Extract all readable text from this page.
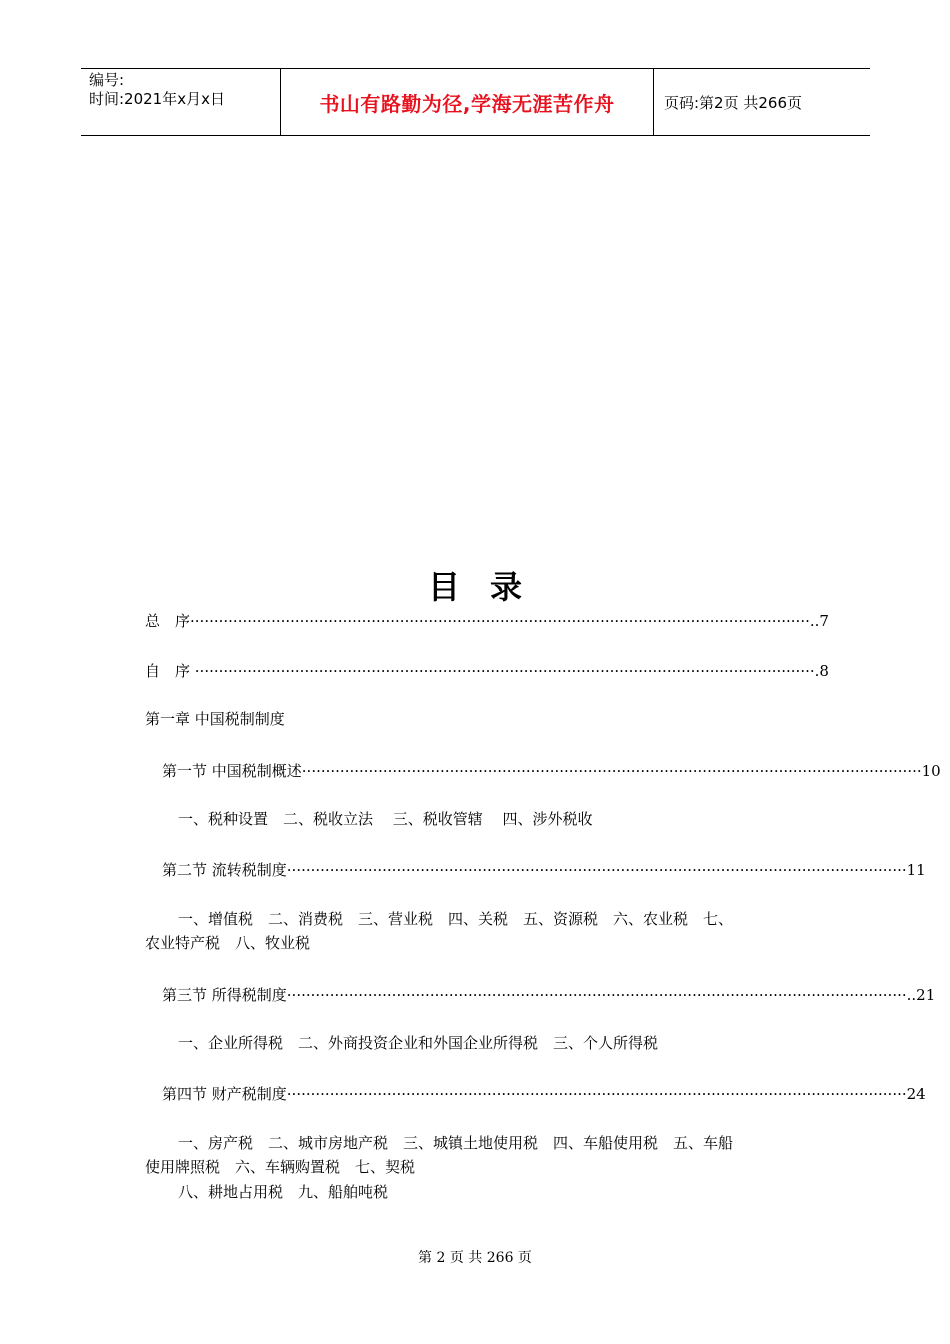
编号:
时间:2021年x月x日	书山有路勤为径,学海无涯苦作舟	页码:第2页 共266页
目录
总　序 ·································································································································· ..7
自　序 ·································································································································· .8
第一章 中国税制制度
第一节 中国税制概述 ·································································································································· 10
一、税种设置　二、税收立法　 三、税收管辖　 四、涉外税收
第二节 流转税制度 ·································································································································· 11
一、增值税　二、消费税　三、营业税　四、关税　五、资源税　六、农业税　七、
农业特产税　八、牧业税
第三节 所得税制度 ·································································································································· ..21
一、企业所得税　二、外商投资企业和外国企业所得税　三、个人所得税
第四节 财产税制度 ·································································································································· 24
一、房产税　二、城市房地产税　三、城镇土地使用税　四、车船使用税　五、车船
使用牌照税　六、车辆购置税　七、契税
八、耕地占用税　九、船舶吨税
第 2 页 共 266 页
